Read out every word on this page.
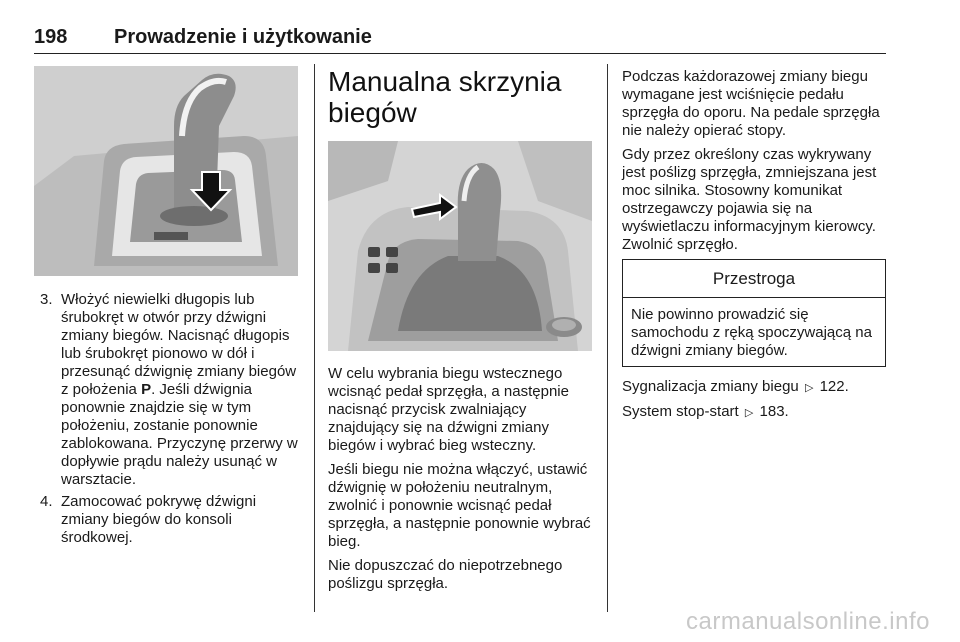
198 Prowadzenie i użytkowanie
3. Włożyć niewielki długopis lub śrubokręt w otwór przy dźwigni zmiany biegów. Nacisnąć długopis lub śrubokręt pionowo w dół i przesunąć dźwignię zmiany biegów z położenia P. Jeśli dźwignia ponownie znajdzie się w tym położeniu, zostanie ponownie zablokowana. Przyczynę przerwy w dopływie prądu należy usunąć w warsztacie.
4. Zamocować pokrywę dźwigni zmiany biegów do konsoli środkowej.
Manualna skrzynia biegów

W celu wybrania biegu wstecznego wcisnąć pedał sprzęgła, a następnie nacisnąć przycisk zwalniający znajdujący się na dźwigni zmiany biegów i wybrać bieg wsteczny.

Jeśli biegu nie można włączyć, ustawić dźwignię w położeniu neutralnym, zwolnić i ponownie wcisnąć pedał sprzęgła, a następnie ponownie wybrać bieg.

Nie dopuszczać do niepotrzebnego poślizgu sprzęgła.

Podczas każdorazowej zmiany biegu wymagane jest wciśnięcie pedału sprzęgła do oporu. Na pedale sprzęgła nie należy opierać stopy.

Gdy przez określony czas wykrywany jest poślizg sprzęgła, zmniejszana jest moc silnika. Stosowny komunikat ostrzegawczy pojawia się na wyświetlaczu informacyjnym kierowcy. Zwolnić sprzęgło.

Przestroga
Nie powinno prowadzić się samochodu z ręką spoczywającą na dźwigni zmiany biegów.

Sygnalizacja zmiany biegu ▷ 122.

System stop-start ▷ 183.

carmanualsonline.info
